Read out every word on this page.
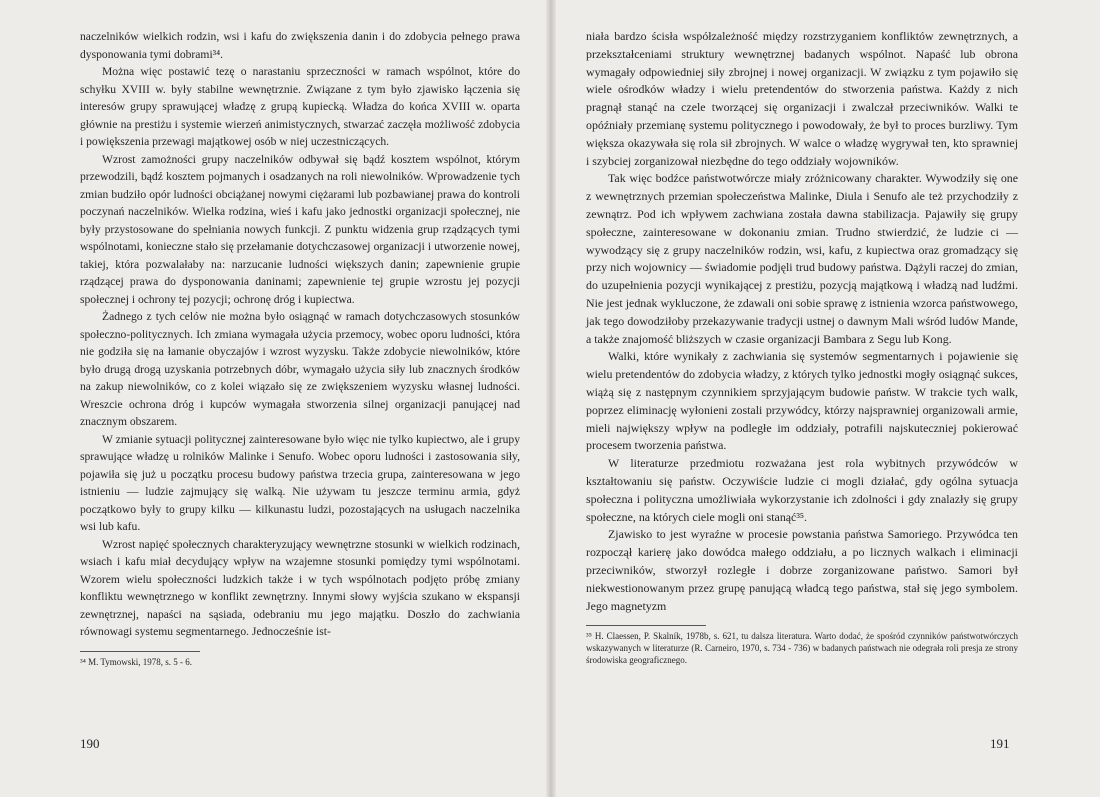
naczelników wielkich rodzin, wsi i kafu do zwiększenia danin i do zdobycia pełnego prawa dysponowania tymi dobrami³⁴.

Można więc postawić tezę o narastaniu sprzeczności w ramach wspólnot, które do schyłku XVIII w. były stabilne wewnętrznie. Związane z tym było zjawisko łączenia się interesów grupy sprawującej władzę z grupą kupiecką. Władza do końca XVIII w. oparta głównie na prestiżu i systemie wierzeń animistycznych, stwarzać zaczęła możliwość zdobycia i powiększenia przewagi majątkowej osób w niej uczestniczących.

Wzrost zamożności grupy naczelników odbywał się bądź kosztem wspólnot, którym przewodzili, bądź kosztem pojmanych i osadzanych na roli niewolników. Wprowadzenie tych zmian budziło opór ludności obciążanej nowymi ciężarami lub pozbawianej prawa do kontroli poczynań naczelników. Wielka rodzina, wieś i kafu jako jednostki organizacji społecznej, nie były przystosowane do spełniania nowych funkcji. Z punktu widzenia grup rządzących tymi wspólnotami, konieczne stało się przełamanie dotychczasowej organizacji i utworzenie nowej, takiej, która pozwalałaby na: narzucanie ludności większych danin; zapewnienie grupie rządzącej prawa do dysponowania daninami; zapewnienie tej grupie wzrostu jej pozycji społecznej i ochrony tej pozycji; ochronę dróg i kupiectwa.

Żadnego z tych celów nie można było osiągnąć w ramach dotychczasowych stosunków społeczno-politycznych. Ich zmiana wymagała użycia przemocy, wobec oporu ludności, która nie godziła się na łamanie obyczajów i wzrost wyzysku. Także zdobycie niewolników, które było drugą drogą uzyskania potrzebnych dóbr, wymagało użycia siły lub znacznych środków na zakup niewolników, co z kolei wiązało się ze zwiększeniem wyzysku własnej ludności. Wreszcie ochrona dróg i kupców wymagała stworzenia silnej organizacji panującej nad znacznym obszarem.

W zmianie sytuacji politycznej zainteresowane było więc nie tylko kupiectwo, ale i grupy sprawujące władzę u rolników Malinke i Senufo. Wobec oporu ludności i zastosowania siły, pojawiła się już u początku procesu budowy państwa trzecia grupa, zainteresowana w jego istnieniu — ludzie zajmujący się walką. Nie używam tu jeszcze terminu armia, gdyż początkowo były to grupy kilku — kilkunastu ludzi, pozostających na usługach naczelnika wsi lub kafu.

Wzrost napięć społecznych charakteryzujący wewnętrzne stosunki w wielkich rodzinach, wsiach i kafu miał decydujący wpływ na wzajemne stosunki pomiędzy tymi wspólnotami. Wzorem wielu społeczności ludzkich także i w tych wspólnotach podjęto próbę zmiany konfliktu wewnętrznego w konflikt zewnętrzny. Innymi słowy wyjścia szukano w ekspansji zewnętrznej, napaści na sąsiada, odebraniu mu jego majątku. Doszło do zachwiania równowagi systemu segmentarnego. Jednocześnie ist-

³⁴ M. Tymowski, 1978, s. 5 - 6.

190

niała bardzo ścisła współzależność między rozstrzyganiem konfliktów zewnętrznych, a przekształceniami struktury wewnętrznej badanych wspólnot. Napaść lub obrona wymagały odpowiedniej siły zbrojnej i nowej organizacji. W związku z tym pojawiło się wiele ośrodków władzy i wielu pretendentów do stworzenia państwa. Każdy z nich pragnął stanąć na czele tworzącej się organizacji i zwalczał przeciwników. Walki te opóźniały przemianę systemu politycznego i powodowały, że był to proces burzliwy. Tym większa okazywała się rola sił zbrojnych. W walce o władzę wygrywał ten, kto sprawniej i szybciej zorganizował niezbędne do tego oddziały wojowników.

Tak więc bodźce państwotwórcze miały zróżnicowany charakter. Wywodziły się one z wewnętrznych przemian społeczeństwa Malinke, Diula i Senufo ale też przychodziły z zewnątrz. Pod ich wpływem zachwiana została dawna stabilizacja. Pajawiły się grupy społeczne, zainteresowane w dokonaniu zmian. Trudno stwierdzić, że ludzie ci — wywodzący się z grupy naczelników rodzin, wsi, kafu, z kupiectwa oraz gromadzący się przy nich wojownicy — świadomie podjęli trud budowy państwa. Dążyli raczej do zmian, do uzupełnienia pozycji wynikającej z prestiżu, pozycją majątkową i władzą nad ludźmi. Nie jest jednak wykluczone, że zdawali oni sobie sprawę z istnienia wzorca państwowego, jak tego dowodziłoby przekazywanie tradycji ustnej o dawnym Mali wśród ludów Mande, a także znajomość bliższych w czasie organizacji Bambara z Segu lub Kong.

Walki, które wynikały z zachwiania się systemów segmentarnych i pojawienie się wielu pretendentów do zdobycia władzy, z których tylko jednostki mogły osiągnąć sukces, wiążą się z następnym czynnikiem sprzyjającym budowie państw. W trakcie tych walk, poprzez eliminację wyłonieni zostali przywódcy, którzy najsprawniej organizowali armie, mieli największy wpływ na podległe im oddziały, potrafili najskuteczniej pokierować procesem tworzenia państwa.

W literaturze przedmiotu rozważana jest rola wybitnych przywódców w kształtowaniu się państw. Oczywiście ludzie ci mogli działać, gdy ogólna sytuacja społeczna i polityczna umożliwiała wykorzystanie ich zdolności i gdy znalazły się grupy społeczne, na których ciele mogli oni stanąć³⁵.

Zjawisko to jest wyraźne w procesie powstania państwa Samoriego. Przywódca ten rozpoczął karierę jako dowódca małego oddziału, a po licznych walkach i eliminacji przeciwników, stworzył rozległe i dobrze zorganizowane państwo. Samori był niekwestionowanym przez grupę panującą władcą tego państwa, stał się jego symbolem. Jego magnetyzm

³⁵ H. Claessen, P. Skalník, 1978b, s. 621, tu dalsza literatura. Warto dodać, że spośród czynników państwotwórczych wskazywanych w literaturze (R. Carneiro, 1970, s. 734 - 736) w badanych państwach nie odegrała roli presja ze strony środowiska geograficznego.

191
